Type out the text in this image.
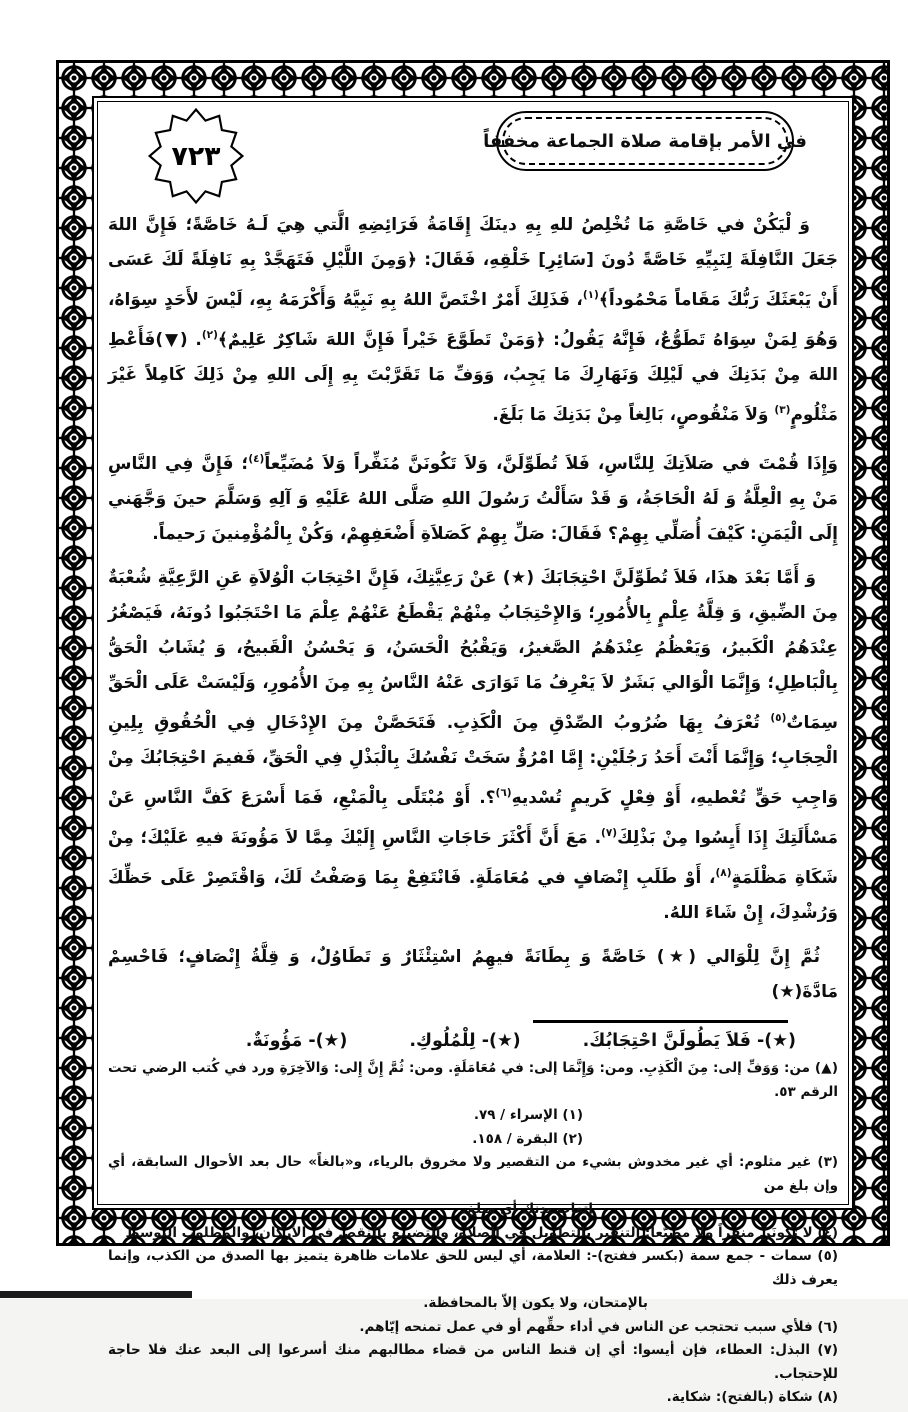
في الأمر بإقامة صلاة الجماعة مخففاً
٧٢٣

وَ لْيَكُنْ في خَاصَّةِ مَا تُخْلِصُ للهِ بِهِ دينَكَ إِقَامَةُ فَرَائِضِهِ الَّتي هِيَ لَـهُ خَاصَّةً؛ فَإِنَّ اللهَ جَعَلَ النَّافِلَةَ لِنَبِيِّهِ خَاصَّةً دُونَ [سَائِرِ] خَلْقِهِ، فَقَالَ: ﴿وَمِنَ اللَّيْلِ فَتَهَجَّدْ بِهِ نَافِلَةً لَكَ عَسَى أَنْ يَبْعَثَكَ رَبُّكَ مَقَاماً مَحْمُوداً﴾$^{(١)}$، فَذَلِكَ أَمْرٌ اخْتَصَّ اللهُ بِهِ نَبِيَّهُ وَأَكْرَمَهُ بِهِ، لَيْسَ لأَحَدٍ سِوَاهُ، وَهُوَ لِمَنْ سِوَاهُ تَطَوُّعٌ، فَإِنَّهُ يَقُولُ: ﴿وَمَنْ تَطَوَّعَ خَيْراً فَإِنَّ اللهَ شَاكِرٌ عَلِيمٌ﴾$^{(٢)}$. (▼)فَأَعْطِ اللهَ مِنْ بَدَنِكَ في لَيْلِكَ وَنَهَارِكَ مَا يَجِبُ، وَوَفِّ مَا تَقَرَّبْتَ بِهِ إِلَى اللهِ مِنْ ذَلِكَ كَامِلاً غَيْرَ مَثْلُومٍ$^{(٣)}$ وَلاَ مَنْقُوصٍ، بَالِغاً مِنْ بَدَنِكَ مَا بَلَغَ.

وَإِذَا قُمْتَ في صَلاَتِكَ لِلنَّاسِ، فَلاَ تُطَوِّلَنَّ، وَلاَ تَكُونَنَّ مُنَفِّراً وَلاَ مُضَيِّعاً$^{(٤)}$؛ فَإِنَّ فِي النَّاسِ مَنْ بِهِ الْعِلَّةُ وَ لَهُ الْحَاجَةُ، وَ قَدْ سَأَلْتُ رَسُولَ اللهِ صَلَّى اللهُ عَلَيْهِ وَ آلِهِ وَسَلَّمَ حينَ وَجَّهَني إِلَى الْيَمَنِ: كَيْفَ أُصَلِّي بِهِمْ؟ فَقَالَ: صَلِّ بِهِمْ كَصَلاَةِ أَضْعَفِهِمْ، وَكُنْ بِالْمُؤْمِنينَ رَحيماً.

وَ أَمَّا بَعْدَ هذَا، فَلاَ تُطَوِّلَنَّ احْتِجَابَكَ (★) عَنْ رَعِيَّتِكَ، فَإِنَّ احْتِجَابَ الْوُلاَةِ عَنِ الرَّعِيَّةِ شُعْبَةٌ مِنَ الضِّيقِ، وَ قِلَّةُ عِلْمٍ بِالأُمُورِ؛ وَالإِحْتِجَابُ مِنْهُمْ يَقْطَعُ عَنْهُمْ عِلْمَ مَا احْتَجَبُوا دُونَهُ، فَيَصْغُرُ عِنْدَهُمُ الْكَبيرُ، وَيَعْظُمُ عِنْدَهُمُ الصَّغيرُ، وَيَقْبُحُ الْحَسَنُ، وَ يَحْسُنُ الْقَبيحُ، وَ يُشَابُ الْحَقُّ بِالْبَاطِلِ؛ وَإِنَّمَا الْوَالي بَشَرٌ لاَ يَعْرِفُ مَا تَوَارَى عَنْهُ النَّاسُ بِهِ مِنَ الأُمُورِ، وَلَيْسَتْ عَلَى الْحَقِّ سِمَاتٌ$^{(٥)}$ تُعْرَفُ بِهَا ضُرُوبُ الصِّدْقِ مِنَ الْكَذِبِ. فَتَحَصَّنْ مِنَ الإِدْخَالِ فِي الْحُقُوقِ بِلِينِ الْحِجَابِ؛ وَإِنَّمَا أَنْتَ أَحَدُ رَجُلَيْنِ: إِمَّا امْرُؤٌ سَخَتْ نَفْسُكَ بِالْبَذْلِ فِي الْحَقِّ، فَفيمَ احْتِجَابُكَ مِنْ وَاجِبِ حَقٍّ تُعْطيهِ، أَوْ فِعْلٍ كَريمٍ تُسْديهِ$^{(٦)}$؟. أَوْ مُبْتَلًى بِالْمَنْعِ، فَمَا أَسْرَعَ كَفَّ النَّاسِ عَنْ مَسْأَلَتِكَ إِذَا أَيِسُوا مِنْ بَذْلِكَ$^{(٧)}$. مَعَ أَنَّ أَكْثَرَ حَاجَاتِ النَّاسِ إِلَيْكَ مِمَّا لاَ مَؤُونَةَ فيهِ عَلَيْكَ؛ مِنْ شَكَاةِ مَظْلَمَةٍ$^{(٨)}$، أَوْ طَلَبِ إِنْصَافٍ في مُعَامَلَةٍ. فَانْتَفِعْ بِمَا وَصَفْتُ لَكَ، وَاقْتَصِرْ عَلَى حَظِّكَ وَرُشْدِكَ، إِنْ شَاءَ اللهُ.

ثُمَّ إِنَّ لِلْوَالي (★) خَاصَّةً وَ بِطَانَةً فيهِمُ اسْتِئْثَارٌ وَ تَطَاوُلٌ، وَ قِلَّةُ إِنْصَافٍ؛ فَاحْسِمْ مَادَّةَ(★)

(★)- فَلاَ يَطُولَنَّ احْتِجَابُكَ.
(★)- لِلْمُلُوكِ.
(★)- مَؤُونَةٌ.
(▲) من: وَوَفِّ إلى: مِنَ الْكَذِبِ. ومن: وَإِنَّمَا إلى: في مُعَامَلَةٍ. ومن: ثُمَّ إِنَّ إِلى: وَالآخِرَةِ ورد في كُتب الرضي تحت الرقم ٥٣.
(١) الإسراء / ٧٩.
(٢) البقرة / ١٥٨.
(٣) غير مثلوم: أي غير مخدوش بشيء من التقصير ولا مخروق بالرياء، و«بالغاً» حال بعد الأحوال السابقة، أي وإن بلغ من
إتعاب بدنك أي مبلغ.
(٤) لا تكونَنَّ منفراً ولا مضيّعاً: التنفير بالتطويل في الصلاة، والتضييع بالنقص في الأركان، والمطلوب التوسط
(٥) سمات - جمع سمة (بكسر ففتح)-: العلامة، أي ليس للحق علامات ظاهرة يتميز بها الصدق من الكذب، وإنما يعرف ذلك
بالإمتحان، ولا يكون إلاّ بالمحافظة.
(٦) فلأي سبب تحتجب عن الناس في أداء حقِّهم أو في عمل تمنحه إيّاهم.
(٧) البذل: العطاء، فإن أيسوا: أي إن قنط الناس من قضاء مطالبهم منك أسرعوا إلى البعد عنك فلا حاجة للإحتجاب.
(٨) شكاة (بالفتح): شكاية.
